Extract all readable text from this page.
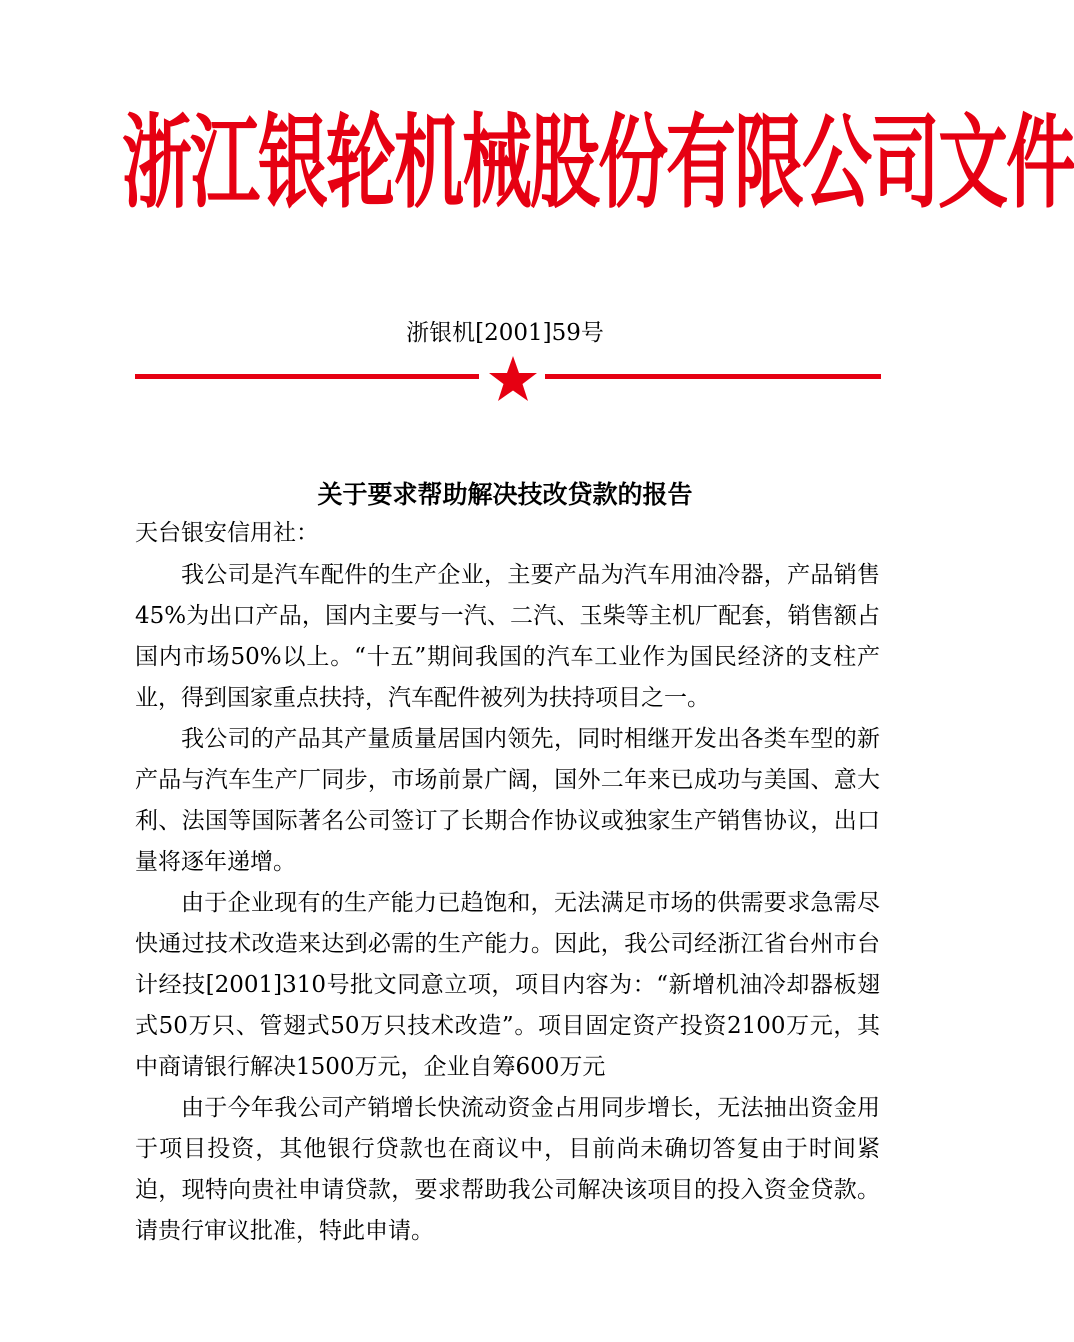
浙江银轮机械股份有限公司文件
浙银机[2001]59号
关于要求帮助解决技改贷款的报告
天台银安信用社：

我公司是汽车配件的生产企业，主要产品为汽车用油冷器，产品销售45%为出口产品，国内主要与一汽、二汽、玉柴等主机厂配套，销售额占国内市场50%以上。“十五”期间我国的汽车工业作为国民经济的支柱产业，得到国家重点扶持，汽车配件被列为扶持项目之一。

我公司的产品其产量质量居国内领先，同时相继开发出各类车型的新产品与汽车生产厂同步，市场前景广阔，国外二年来已成功与美国、意大利、法国等国际著名公司签订了长期合作协议或独家生产销售协议，出口量将逐年递增。

由于企业现有的生产能力已趋饱和，无法满足市场的供需要求急需尽快通过技术改造来达到必需的生产能力。因此，我公司经浙江省台州市台计经技[2001]310号批文同意立项，项目内容为：“新增机油冷却器板翅式50万只、管翅式50万只技术改造”。项目固定资产投资2100万元，其中商请银行解决1500万元，企业自筹600万元

由于今年我公司产销增长快流动资金占用同步增长，无法抽出资金用于项目投资，其他银行贷款也在商议中，目前尚未确切答复由于时间紧迫，现特向贵社申请贷款，要求帮助我公司解决该项目的投入资金贷款。请贵行审议批准，特此申请。
